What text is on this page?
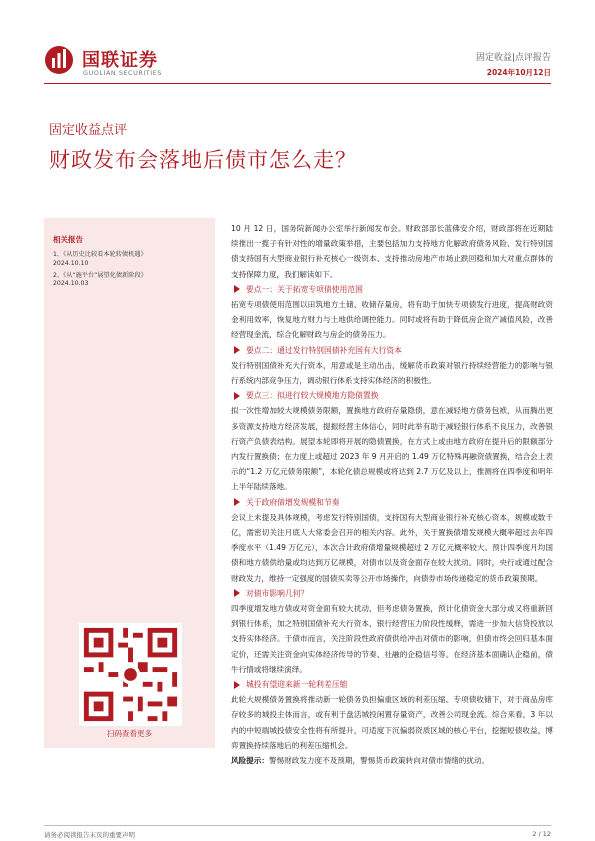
国联证券
GUOLIAN SECURITIES
固定收益|点评报告
2024年10月12日
固定收益点评
财政发布会落地后债市怎么走？
相关报告
1、《从历史比较看本轮转债机遇》
2024.10.10
2、《从“施平台”展望化债新阶段》
2024.10.03
扫码查看更多

10 月 12 日，国务院新闻办公室举行新闻发布会。财政部部长蓝佛安介绍，财政部将在近期陆续推出一揽子有针对性的增量政策举措，主要包括加力支持地方化解政府债务风险、发行特别国债支持国有大型商业银行补充核心一级资本、支持推动房地产市场止跌回稳和加大对重点群体的支持保障力度，我们解读如下。

要点一：关于拓宽专项债使用范围

拓宽专项债使用范围以田筑地方土储、收储存量房，将有助于加快专项债发行进度，提高财政资金利用效率，恢复地方财力与土地供给调控能力。同时或将有助于降低房企资产减值风险，改善经营现金流，综合化解财政与房企的债务压力。

要点二：通过发行特别国债补充国有大行资本

发行特别国债补充大行资本，用意或是主动出击，缓解货币政策对银行持续经营能力的影响与银行系统内部竞争压力，调动银行体系支持实体经济的积极性。

要点三：拟进行较大规模地方隐债置换

拟一次性增加较大规模债务限额，置换地方政府存量隐债，意在减轻地方债务包袱，从而腾出更多资源支持地方经济发展，提振经营主体信心，同时此举有助于减轻银行体系不良压力，改善银行资产负债表结构。展望本轮即将开展的隐债置换，在方式上或由地方政府在提升后的限额部分内发行置换债；在力度上或超过 2023 年 9 月开启的 1.49 万亿特殊再融资债置换，结合会上表示的“1.2 万亿元债务限额”，本轮化债总规模或将达到 2.7 万亿及以上，推测将在四季度和明年上半年陆续落地。

关于政府债增发规模和节奏

会议上未提及具体规模，考虑发行特别国债，支持国有大型商业银行补充核心资本，规模或数千亿，需密切关注月底人大常委会召开的相关内容。此外，关于置换债增发规模大概率超过去年四季度水平（1.49 万亿元），本次合计政府债增量规模超过 2 万亿元概率较大。预计四季度月均国债和地方债供给量或均达到万亿规模，对债市以及资金面存在较大扰动。同时，央行或通过配合财政发力，维持一定强度的国债买卖等公开市场操作，向债券市场传递稳定的货币政策预期。

对债市影响几何？

四季度增发地方债或对资金面有较大扰动，但考虑债务置换，预计化债资金大部分或又将重新回到银行体系，加之特别国债补充大行资本，银行经营压力阶段性缓释，需进一步加大信贷投放以支持实体经济。于债市而言，关注阶段性政府债供给冲击对债市的影响，但债市终会回归基本面定价，还需关注资金向实体经济传导的节奏、社融的企稳信号等。在经济基本面确认企稳前，债牛行情或将继续演绎。

城投有望迎来新一轮利差压缩

此轮大规模债务置换将推动新一轮债务负担偏重区域的利差压缩。专项债收储下，对于商品房库存较多的城投主体而言，或有利于盘活城投闲置存量资产，改善公司现金流。综合来看，3 年以内的中短端城投债安全性将有所提升，可适度下沉偏弱资质区域的核心平台，挖掘短债收益，博弈置换持续落地后的利差压缩机会。

风险提示：警惕财政发力度不及预期，警惕货币政策转向对债市情绪的扰动。

请务必阅读报告末页的重要声明	2 / 12
